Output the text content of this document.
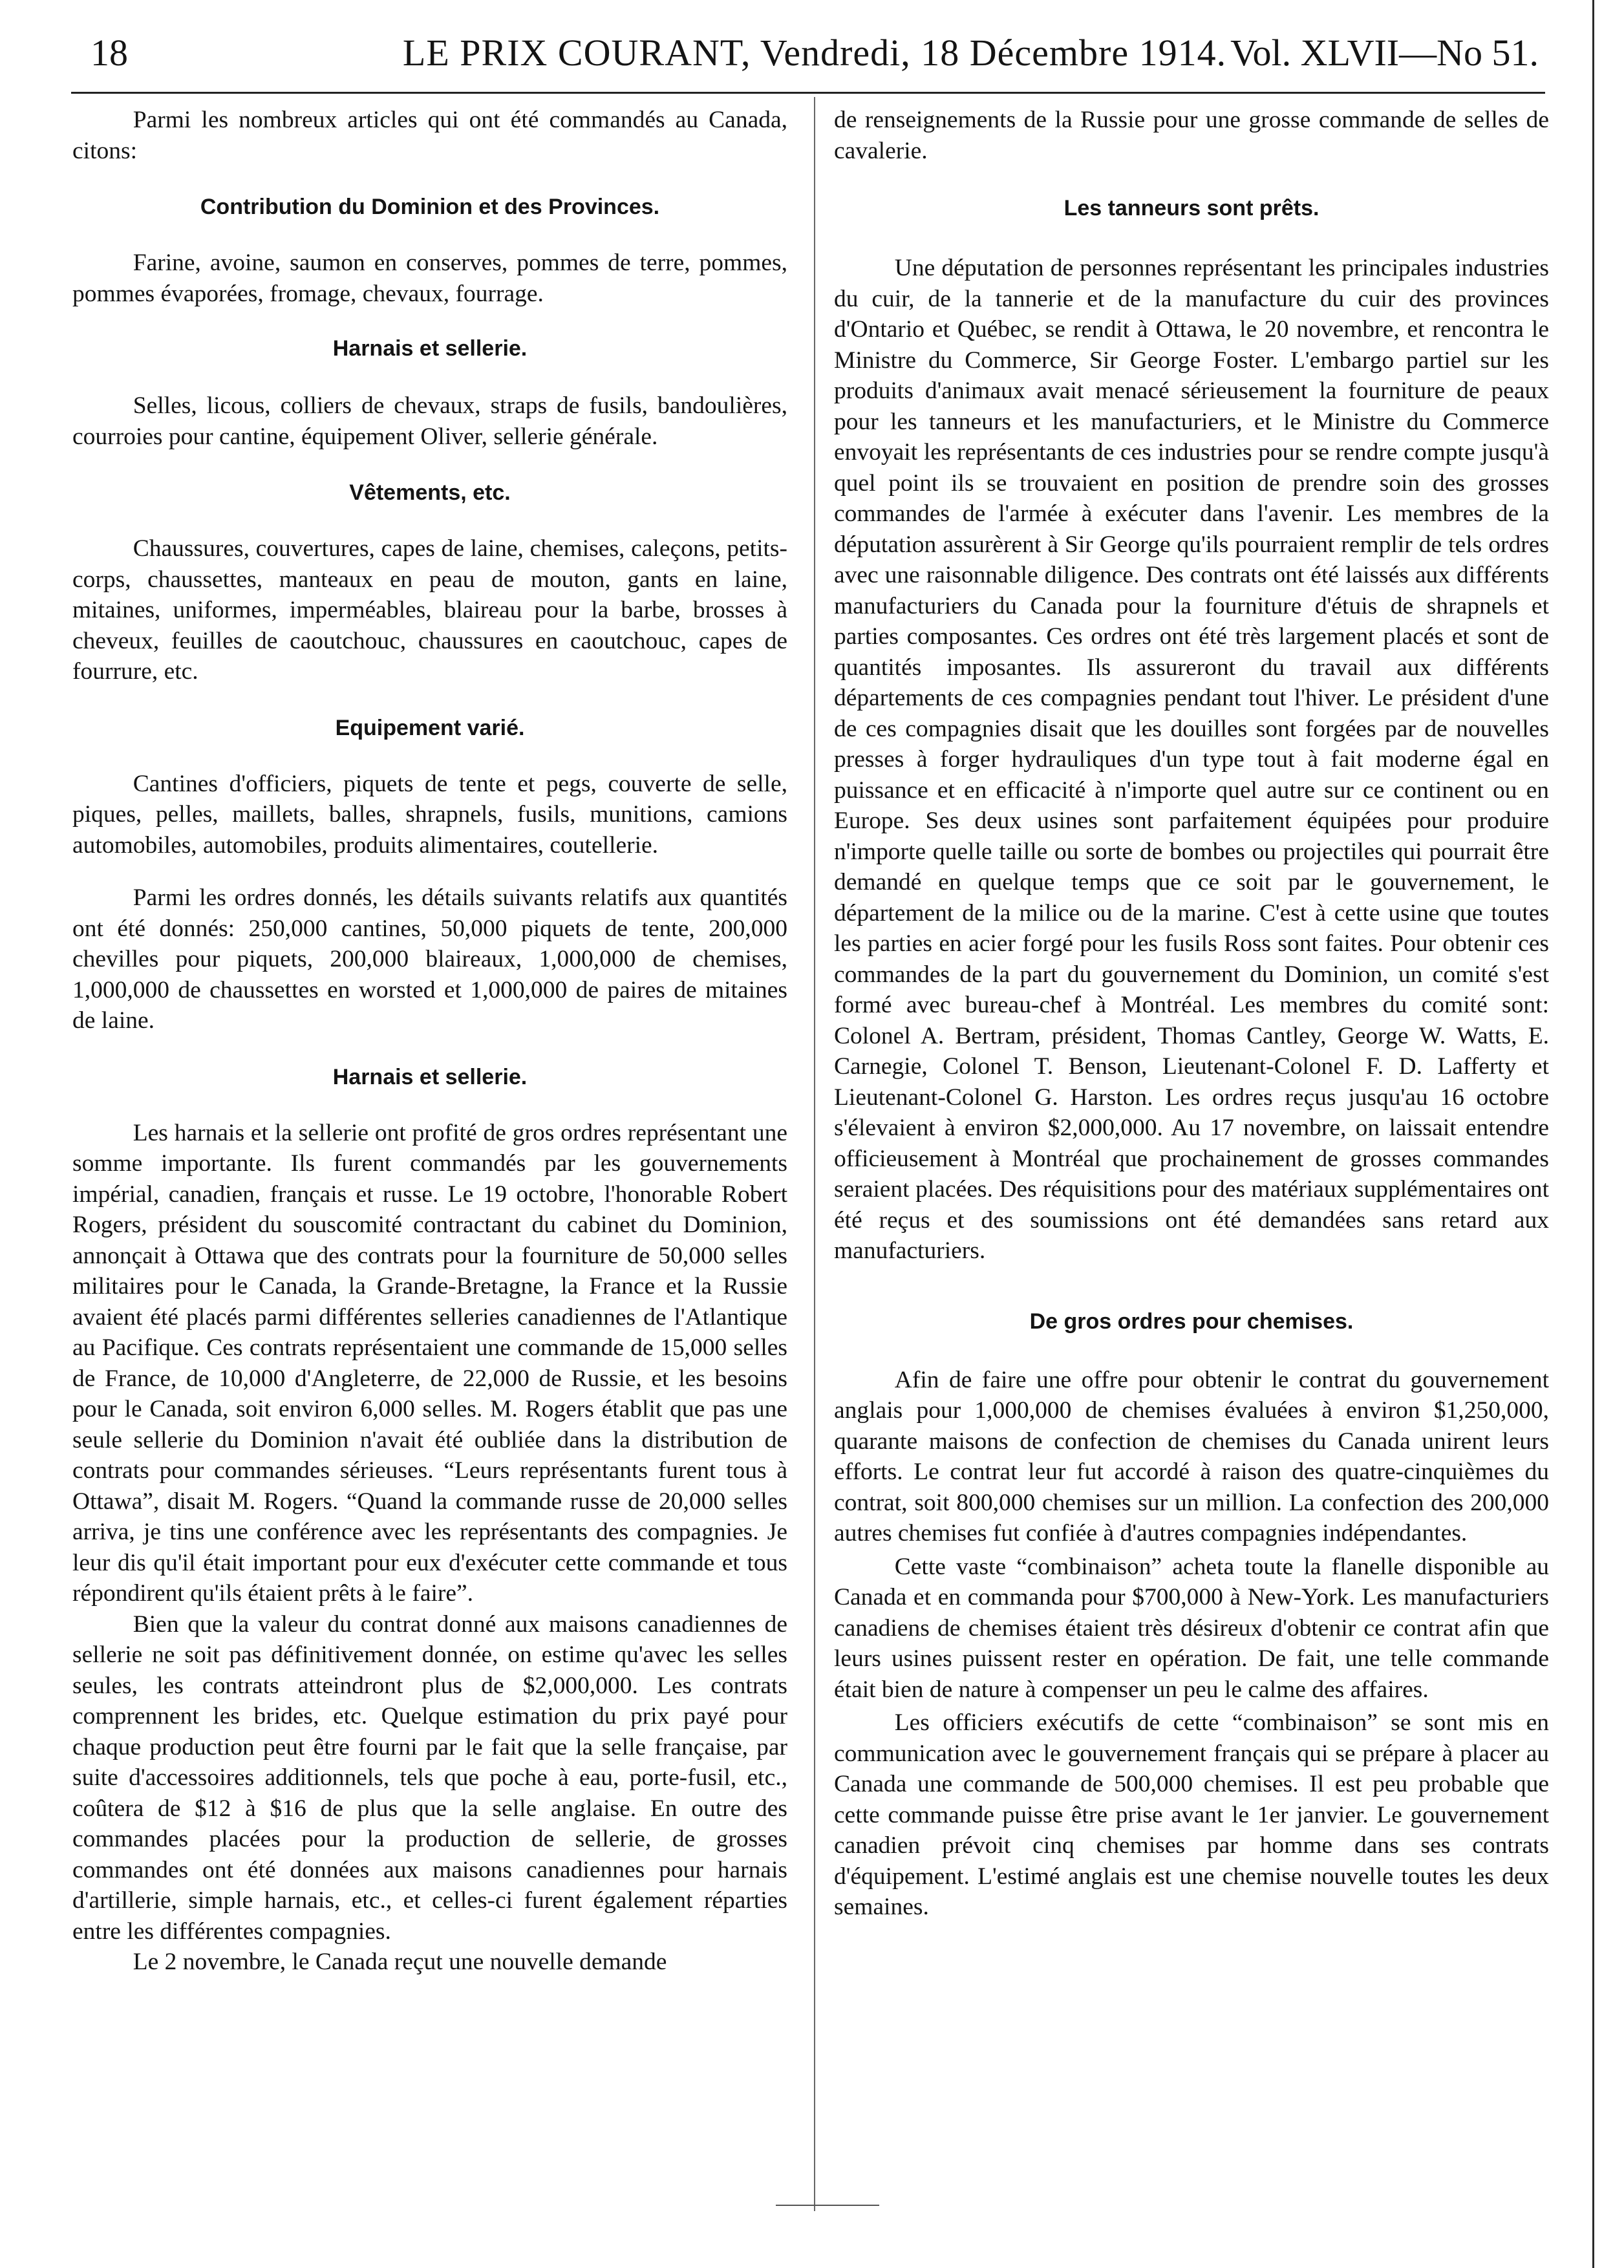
18	LE PRIX COURANT, Vendredi, 18 Décembre 1914. Vol. XLVII—No 51.

Parmi les nombreux articles qui ont été commandés au Canada, citons:

Contribution du Dominion et des Provinces.

Farine, avoine, saumon en conserves, pommes de terre, pommes, pommes évaporées, fromage, chevaux, fourrage.

Harnais et sellerie.

Selles, licous, colliers de chevaux, straps de fusils, bandoulières, courroies pour cantine, équipement Oliver, sellerie générale.

Vêtements, etc.

Chaussures, couvertures, capes de laine, chemises, caleçons, petits-corps, chaussettes, manteaux en peau de mouton, gants en laine, mitaines, uniformes, imperméables, blaireau pour la barbe, brosses à cheveux, feuilles de caoutchouc, chaussures en caoutchouc, capes de fourrure, etc.

Equipement varié.

Cantines d'officiers, piquets de tente et pegs, couverte de selle, piques, pelles, maillets, balles, shrapnels, fusils, munitions, camions automobiles, automobiles, produits alimentaires, coutellerie.

Parmi les ordres donnés, les détails suivants relatifs aux quantités ont été donnés: 250,000 cantines, 50,000 piquets de tente, 200,000 chevilles pour piquets, 200,000 blaireaux, 1,000,000 de chemises, 1,000,000 de chaussettes en worsted et 1,000,000 de paires de mitaines de laine.

Harnais et sellerie.

Les harnais et la sellerie ont profité de gros ordres représentant une somme importante. Ils furent commandés par les gouvernements impérial, canadien, français et russe. Le 19 octobre, l'honorable Robert Rogers, président du souscomité contractant du cabinet du Dominion, annonçait à Ottawa que des contrats pour la fourniture de 50,000 selles militaires pour le Canada, la Grande-Bretagne, la France et la Russie avaient été placés parmi différentes selleries canadiennes de l'Atlantique au Pacifique. Ces contrats représentaient une commande de 15,000 selles de France, de 10,000 d'Angleterre, de 22,000 de Russie, et les besoins pour le Canada, soit environ 6,000 selles. M. Rogers établit que pas une seule sellerie du Dominion n'avait été oubliée dans la distribution de contrats pour commandes sérieuses. “Leurs représentants furent tous à Ottawa”, disait M. Rogers. “Quand la commande russe de 20,000 selles arriva, je tins une conférence avec les représentants des compagnies. Je leur dis qu'il était important pour eux d'exécuter cette commande et tous répondirent qu'ils étaient prêts à le faire”.

Bien que la valeur du contrat donné aux maisons canadiennes de sellerie ne soit pas définitivement donnée, on estime qu'avec les selles seules, les contrats atteindront plus de $2,000,000. Les contrats comprennent les brides, etc. Quelque estimation du prix payé pour chaque production peut être fourni par le fait que la selle française, par suite d'accessoires additionnels, tels que poche à eau, porte-fusil, etc., coûtera de $12 à $16 de plus que la selle anglaise. En outre des commandes placées pour la production de sellerie, de grosses commandes ont été données aux maisons canadiennes pour harnais d'artillerie, simple harnais, etc., et celles-ci furent également réparties entre les différentes compagnies.

Le 2 novembre, le Canada reçut une nouvelle demande

de renseignements de la Russie pour une grosse commande de selles de cavalerie.

Les tanneurs sont prêts.

Une députation de personnes représentant les principales industries du cuir, de la tannerie et de la manufacture du cuir des provinces d'Ontario et Québec, se rendit à Ottawa, le 20 novembre, et rencontra le Ministre du Commerce, Sir George Foster. L'embargo partiel sur les produits d'animaux avait menacé sérieusement la fourniture de peaux pour les tanneurs et les manufacturiers, et le Ministre du Commerce envoyait les représentants de ces industries pour se rendre compte jusqu'à quel point ils se trouvaient en position de prendre soin des grosses commandes de l'armée à exécuter dans l'avenir. Les membres de la députation assurèrent à Sir George qu'ils pourraient remplir de tels ordres avec une raisonnable diligence. Des contrats ont été laissés aux différents manufacturiers du Canada pour la fourniture d'étuis de shrapnels et parties composantes. Ces ordres ont été très largement placés et sont de quantités imposantes. Ils assureront du travail aux différents départements de ces compagnies pendant tout l'hiver. Le président d'une de ces compagnies disait que les douilles sont forgées par de nouvelles presses à forger hydrauliques d'un type tout à fait moderne égal en puissance et en efficacité à n'importe quel autre sur ce continent ou en Europe. Ses deux usines sont parfaitement équipées pour produire n'importe quelle taille ou sorte de bombes ou projectiles qui pourrait être demandé en quelque temps que ce soit par le gouvernement, le département de la milice ou de la marine. C'est à cette usine que toutes les parties en acier forgé pour les fusils Ross sont faites. Pour obtenir ces commandes de la part du gouvernement du Dominion, un comité s'est formé avec bureau-chef à Montréal. Les membres du comité sont: Colonel A. Bertram, président, Thomas Cantley, George W. Watts, E. Carnegie, Colonel T. Benson, Lieutenant-Colonel F. D. Lafferty et Lieutenant-Colonel G. Harston. Les ordres reçus jusqu'au 16 octobre s'élevaient à environ $2,000,000. Au 17 novembre, on laissait entendre officieusement à Montréal que prochainement de grosses commandes seraient placées. Des réquisitions pour des matériaux supplémentaires ont été reçus et des soumissions ont été demandées sans retard aux manufacturiers.

De gros ordres pour chemises.

Afin de faire une offre pour obtenir le contrat du gouvernement anglais pour 1,000,000 de chemises évaluées à environ $1,250,000, quarante maisons de confection de chemises du Canada unirent leurs efforts. Le contrat leur fut accordé à raison des quatre-cinquièmes du contrat, soit 800,000 chemises sur un million. La confection des 200,000 autres chemises fut confiée à d'autres compagnies indépendantes.

Cette vaste “combinaison” acheta toute la flanelle disponible au Canada et en commanda pour $700,000 à New-York. Les manufacturiers canadiens de chemises étaient très désireux d'obtenir ce contrat afin que leurs usines puissent rester en opération. De fait, une telle commande était bien de nature à compenser un peu le calme des affaires.

Les officiers exécutifs de cette “combinaison” se sont mis en communication avec le gouvernement français qui se prépare à placer au Canada une commande de 500,000 chemises. Il est peu probable que cette commande puisse être prise avant le 1er janvier. Le gouvernement canadien prévoit cinq chemises par homme dans ses contrats d'équipement. L'estimé anglais est une chemise nouvelle toutes les deux semaines.
